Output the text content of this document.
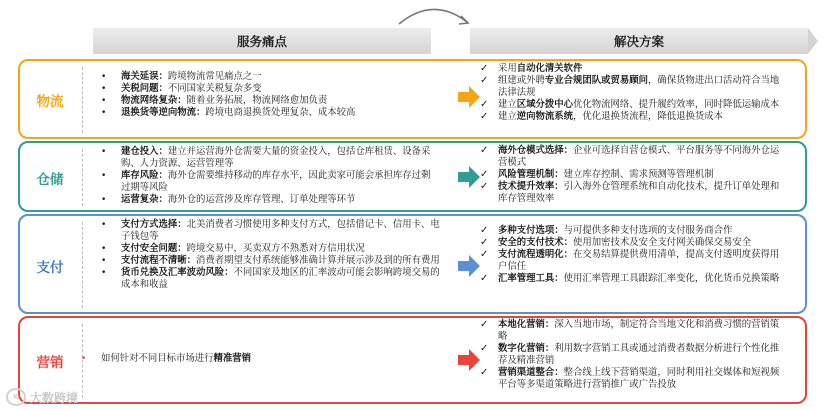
服务痛点	解决方案
物流

• 海关延误：跨境物流常见痛点之一

• 关税问题：不同国家关税复杂多变

• 物流网络复杂：随着业务拓展，物流网络愈加负责

• 退换货等逆向物流：跨境电商退换货处理复杂、成本较高

✓ 采用自动化清关软件

✓ 组建或外聘专业合规团队或贸易顾问，确保货物进出口活动符合当地法律法规

✓ 建立区域分拨中心优化物流网络、提升履约效率，同时降低运输成本

✓ 建立逆向物流系统，优化退换货流程，降低退换货成本

仓储

• 建仓投入：建立并运营海外仓需要大量的资金投入，包括仓库租赁、设备采购、人力资源、运营管理等

• 库存风险：海外仓需要维持移动的库存水平，因此卖家可能会承担库存过剩过期等风险

• 运营复杂：海外仓的运营涉及库存管理、订单处理等环节

✓ 海外仓模式选择：企业可选择自营仓模式、平台服务等不同海外仓运营模式

✓ 风险管理机制：建立库存控制、需求预测等管理机制

✓ 技术提升效率：引入海外仓管理系统和自动化技术，提升订单处理和库存管理效率

支付

• 支付方式选择：北美消费者习惯使用多种支付方式，包括借记卡、信用卡、电子钱包等

• 支付安全问题：跨境交易中，买卖双方不熟悉对方信用状况

• 支付流程不清晰：消费者期望支付系统能够准确计算并展示涉及到的所有费用

• 货币兑换及汇率波动风险：不同国家及地区的汇率波动可能会影响跨境交易的成本和收益

✓ 多种支付选项：与可提供多种支付选项的支付服务商合作

✓ 安全的支付技术：使用加密技术及安全支付网关确保交易安全

✓ 支付流程透明化：在交易结算提供费用清单，提高支付透明度获得用户信任

✓ 汇率管理工具：使用汇率管理工具跟踪汇率变化，优化货币兑换策略

营销	• 如何针对不同目标市场进行精准营销

✓ 本地化营销：深入当地市场，制定符合当地文化和消费习惯的营销策略

✓ 数字化营销：利用数字营销工具或通过消费者数据分析进行个性化推荐及精准营销

✓ 营销渠道整合：整合线上线下营销渠道，同时利用社交媒体和短视频平台等多渠道策略进行营销推广或广告投放

K 大数跨境
